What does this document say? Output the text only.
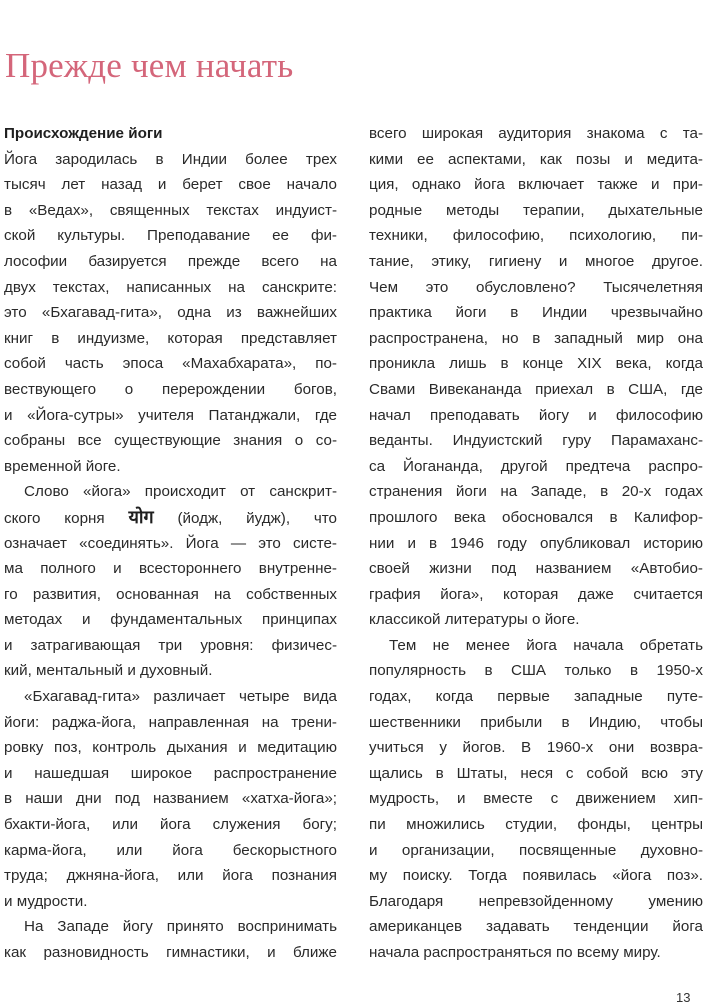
Прежде чем начать
Происхождение йоги
Йога зародилась в Индии более трех
тысяч лет назад и берет свое начало
в «Ведах», священных текстах индуист-
ской культуры. Преподавание ее фи-
лософии базируется прежде всего на
двух текстах, написанных на санскрите:
это «Бхагавад-гита», одна из важнейших
книг в индуизме, которая представляет
собой часть эпоса «Махабхарата», по-
вествующего о перерождении богов,
и «Йога-сутры» учителя Патанджали, где
собраны все существующие знания о со-
временной йоге.
Слово «йога» происходит от санскрит-
ского корня योग (йодж, йудж), что
означает «соединять». Йога — это систе-
ма полного и всестороннего внутренне-
го развития, основанная на собственных
методах и фундаментальных принципах
и затрагивающая три уровня: физичес-
кий, ментальный и духовный.
«Бхагавад-гита» различает четыре вида
йоги: раджа-йога, направленная на трени-
ровку поз, контроль дыхания и медитацию
и нашедшая широкое распространение
в наши дни под названием «хатха-йога»;
бхакти-йога, или йога служения богу;
карма-йога, или йога бескорыстного
труда; джняна-йога, или йога познания
и мудрости.
На Западе йогу принято воспринимать
как разновидность гимнастики, и ближе
всего широкая аудитория знакома с та-
кими ее аспектами, как позы и медита-
ция, однако йога включает также и при-
родные методы терапии, дыхательные
техники, философию, психологию, пи-
тание, этику, гигиену и многое другое.
Чем это обусловлено? Тысячелетняя
практика йоги в Индии чрезвычайно
распространена, но в западный мир она
проникла лишь в конце XIX века, когда
Свами Вивекананда приехал в США, где
начал преподавать йогу и философию
веданты. Индуистский гуру Парамаханс-
са Йогананда, другой предтеча распро-
странения йоги на Западе, в 20-х годах
прошлого века обосновался в Калифор-
нии и в 1946 году опубликовал историю
своей жизни под названием «Автобио-
графия йога», которая даже считается
классикой литературы о йоге.
Тем не менее йога начала обретать
популярность в США только в 1950-х
годах, когда первые западные путе-
шественники прибыли в Индию, чтобы
учиться у йогов. В 1960-х они возвра-
щались в Штаты, неся с собой всю эту
мудрость, и вместе с движением хип-
пи множились студии, фонды, центры
и организации, посвященные духовно-
му поиску. Тогда появилась «йога поз».
Благодаря непревзойденному умению
американцев задавать тенденции йога
начала распространяться по всему миру.
13
